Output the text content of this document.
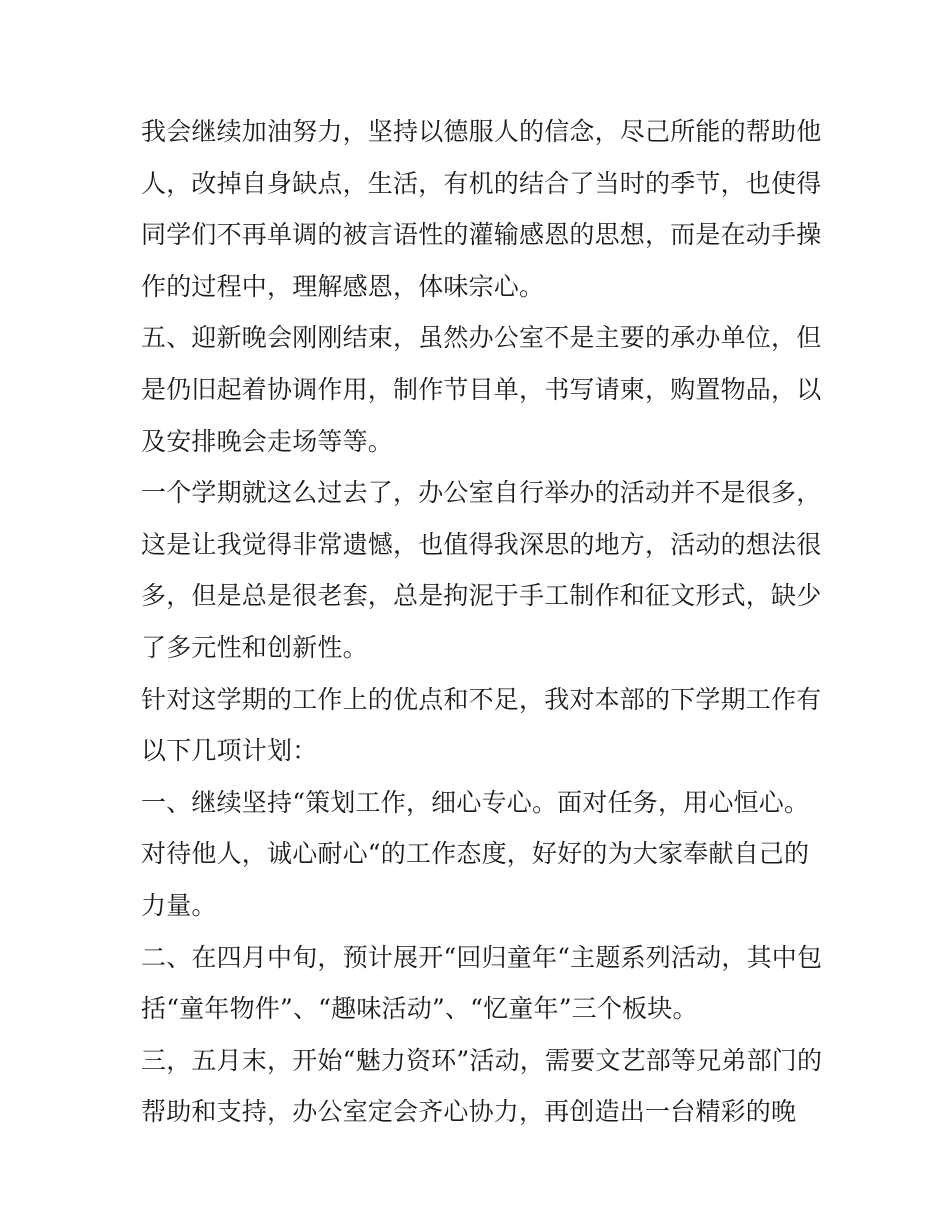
我会继续加油努力，坚持以德服人的信念，尽己所能的帮助他
人，改掉自身缺点，生活，有机的结合了当时的季节，也使得
同学们不再单调的被言语性的灌输感恩的思想，而是在动手操
作的过程中，理解感恩，体味宗心。
五、迎新晚会刚刚结束，虽然办公室不是主要的承办单位，但
是仍旧起着协调作用，制作节目单，书写请柬，购置物品，以
及安排晚会走场等等。
一个学期就这么过去了，办公室自行举办的活动并不是很多，
这是让我觉得非常遗憾，也值得我深思的地方，活动的想法很
多，但是总是很老套，总是拘泥于手工制作和征文形式，缺少
了多元性和创新性。
针对这学期的工作上的优点和不足，我对本部的下学期工作有
以下几项计划：
一、继续坚持“策划工作，细心专心。面对任务，用心恒心。
对待他人，诚心耐心“的工作态度，好好的为大家奉献自己的
力量。
二、在四月中旬，预计展开“回归童年“主题系列活动，其中包
括“童年物件”、“趣味活动”、“忆童年”三个板块。
三，五月末，开始“魅力资环”活动，需要文艺部等兄弟部门的
帮助和支持，办公室定会齐心协力，再创造出一台精彩的晚
